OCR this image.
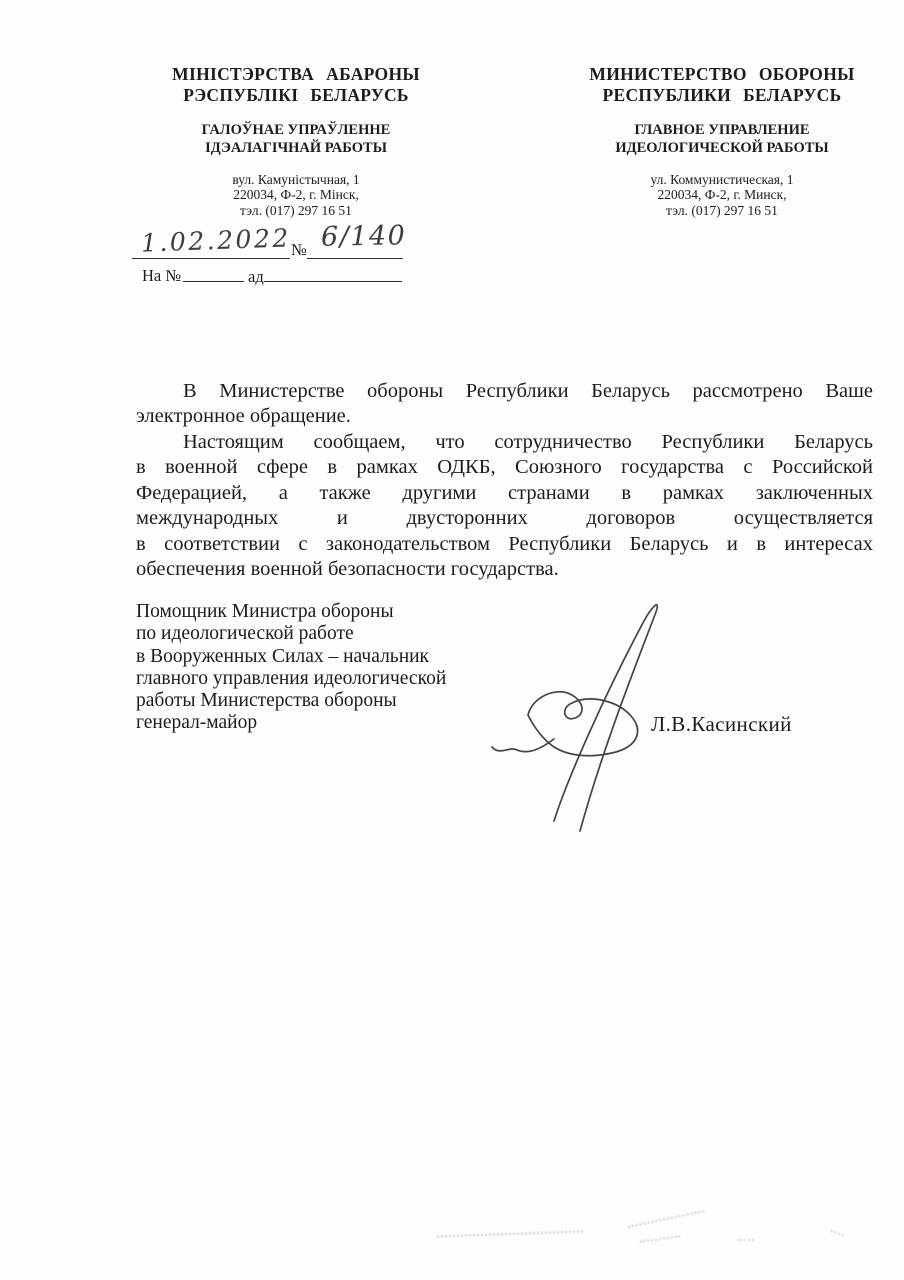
МІНІСТЭРСТВА АБАРОНЫ
РЭСПУБЛІКІ БЕЛАРУСЬ
ГАЛОЎНАЕ УПРАЎЛЕННЕ
ІДЭАЛАГІЧНАЙ РАБОТЫ
вул. Камуністычная, 1
220034, Ф-2, г. Мінск,
тэл. (017) 297 16 51
МИНИСТЕРСТВО ОБОРОНЫ
РЕСПУБЛИКИ БЕЛАРУСЬ
ГЛАВНОЕ УПРАВЛЕНИЕ
ИДЕОЛОГИЧЕСКОЙ РАБОТЫ
ул. Коммунистическая, 1
220034, Ф-2, г. Минск,
тэл. (017) 297 16 51
1.02.2022 № 6/140
На №	ад
В Министерстве обороны Республики Беларусь рассмотрено Ваше
электронное обращение.
Настоящим сообщаем, что сотрудничество Республики Беларусь
в военной сфере в рамках ОДКБ, Союзного государства с Российской
Федерацией, а также другими странами в рамках заключенных
международных и двусторонних договоров осуществляется
в соответствии с законодательством Республики Беларусь и в интересах
обеспечения военной безопасности государства.
Помощник Министра обороны
по идеологической работе
в Вооруженных Силах – начальник
главного управления идеологической
работы Министерства обороны
генерал-майор	Л.В.Касинский
